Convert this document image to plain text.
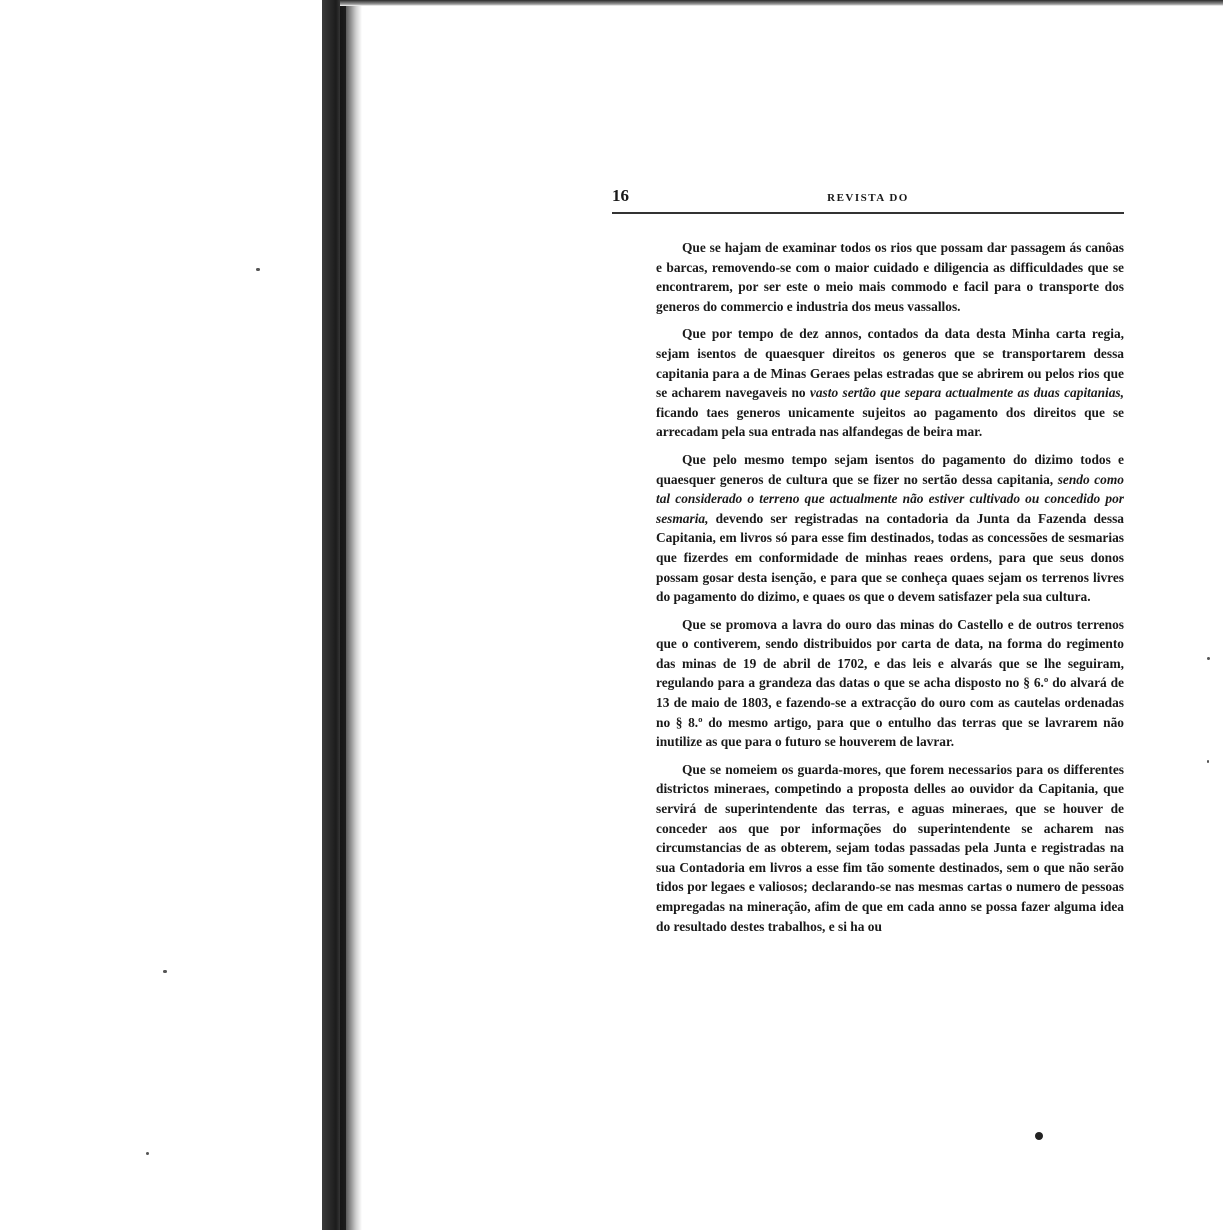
16	REVISTA DO

Que se hajam de examinar todos os rios que possam dar passagem ás canôas e barcas, removendo-se com o maior cuidado e diligencia as difficuldades que se encontrarem, por ser este o meio mais commodo e facil para o transporte dos generos do commercio e industria dos meus vassallos.

Que por tempo de dez annos, contados da data desta Minha carta regia, sejam isentos de quaesquer direitos os generos que se transportarem dessa capitania para a de Minas Geraes pelas estradas que se abrirem ou pelos rios que se acharem navegaveis no vasto sertão que separa actualmente as duas capitanias, ficando taes generos unicamente sujeitos ao pagamento dos direitos que se arrecadam pela sua entrada nas alfandegas de beira mar.

Que pelo mesmo tempo sejam isentos do pagamento do dizimo todos e quaesquer generos de cultura que se fizer no sertão dessa capitania, sendo como tal considerado o terreno que actualmente não estiver cultivado ou concedido por sesmaria, devendo ser registradas na contadoria da Junta da Fazenda dessa Capitania, em livros só para esse fim destinados, todas as concessões de sesmarias que fizerdes em conformidade de minhas reaes ordens, para que seus donos possam gosar desta isenção, e para que se conheça quaes sejam os terrenos livres do pagamento do dizimo, e quaes os que o devem satisfazer pela sua cultura.

Que se promova a lavra do ouro das minas do Castello e de outros terrenos que o contiverem, sendo distribuidos por carta de data, na forma do regimento das minas de 19 de abril de 1702, e das leis e alvarás que se lhe seguiram, regulando para a grandeza das datas o que se acha disposto no § 6.º do alvará de 13 de maio de 1803, e fazendo-se a extracção do ouro com as cautelas ordenadas no § 8.º do mesmo artigo, para que o entulho das terras que se lavrarem não inutilize as que para o futuro se houverem de lavrar.

Que se nomeiem os guarda-mores, que forem necessarios para os differentes districtos mineraes, competindo a proposta delles ao ouvidor da Capitania, que servirá de superintendente das terras, e aguas mineraes, que se houver de conceder aos que por informações do superintendente se acharem nas circumstancias de as obterem, sejam todas passadas pela Junta e registradas na sua Contadoria em livros a esse fim tão somente destinados, sem o que não serão tidos por legaes e valiosos; declarando-se nas mesmas cartas o numero de pessoas empregadas na mineração, afim de que em cada anno se possa fazer alguma idea do resultado destes trabalhos, e si ha ou
